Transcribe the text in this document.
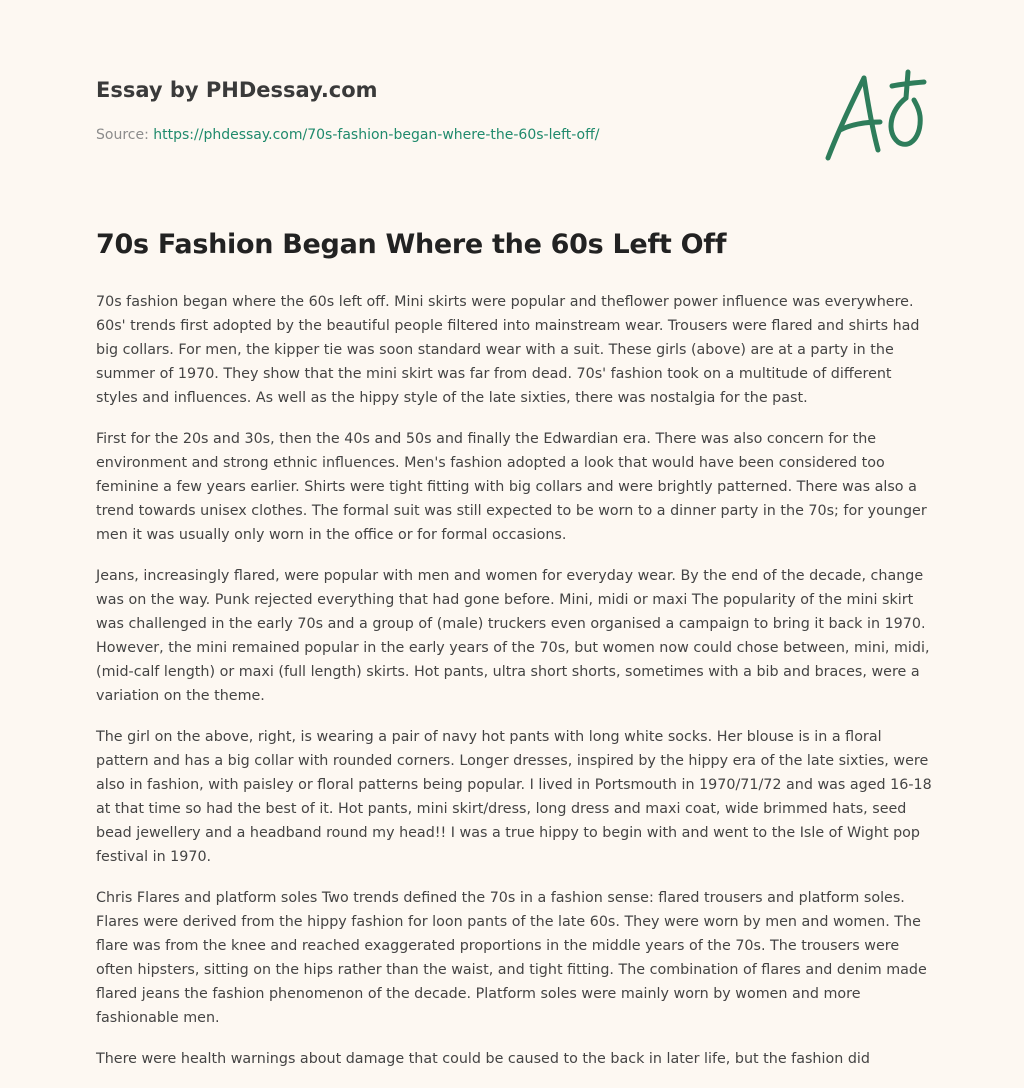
Essay by PHDessay.com
Source: https://phdessay.com/70s-fashion-began-where-the-60s-left-off/
70s Fashion Began Where the 60s Left Off

70s fashion began where the 60s left off. Mini skirts were popular and theflower power influence was everywhere. 60s' trends first adopted by the beautiful people filtered into mainstream wear. Trousers were flared and shirts had big collars. For men, the kipper tie was soon standard wear with a suit. These girls (above) are at a party in the summer of 1970. They show that the mini skirt was far from dead. 70s' fashion took on a multitude of different styles and influences. As well as the hippy style of the late sixties, there was nostalgia for the past.

First for the 20s and 30s, then the 40s and 50s and finally the Edwardian era. There was also concern for the environment and strong ethnic influences. Men's fashion adopted a look that would have been considered too feminine a few years earlier. Shirts were tight fitting with big collars and were brightly patterned. There was also a trend towards unisex clothes. The formal suit was still expected to be worn to a dinner party in the 70s; for younger men it was usually only worn in the office or for formal occasions.

Jeans, increasingly flared, were popular with men and women for everyday wear. By the end of the decade, change was on the way. Punk rejected everything that had gone before. Mini, midi or maxi The popularity of the mini skirt was challenged in the early 70s and a group of (male) truckers even organised a campaign to bring it back in 1970. However, the mini remained popular in the early years of the 70s, but women now could chose between, mini, midi, (mid-calf length) or maxi (full length) skirts. Hot pants, ultra short shorts, sometimes with a bib and braces, were a variation on the theme.

The girl on the above, right, is wearing a pair of navy hot pants with long white socks. Her blouse is in a floral pattern and has a big collar with rounded corners. Longer dresses, inspired by the hippy era of the late sixties, were also in fashion, with paisley or floral patterns being popular. I lived in Portsmouth in 1970/71/72 and was aged 16-18 at that time so had the best of it. Hot pants, mini skirt/dress, long dress and maxi coat, wide brimmed hats, seed bead jewellery and a headband round my head!! I was a true hippy to begin with and went to the Isle of Wight pop festival in 1970.

Chris Flares and platform soles Two trends defined the 70s in a fashion sense: flared trousers and platform soles. Flares were derived from the hippy fashion for loon pants of the late 60s. They were worn by men and women. The flare was from the knee and reached exaggerated proportions in the middle years of the 70s. The trousers were often hipsters, sitting on the hips rather than the waist, and tight fitting. The combination of flares and denim made flared jeans the fashion phenomenon of the decade. Platform soles were mainly worn by women and more fashionable men.

There were health warnings about damage that could be caused to the back in later life, but the fashion did
